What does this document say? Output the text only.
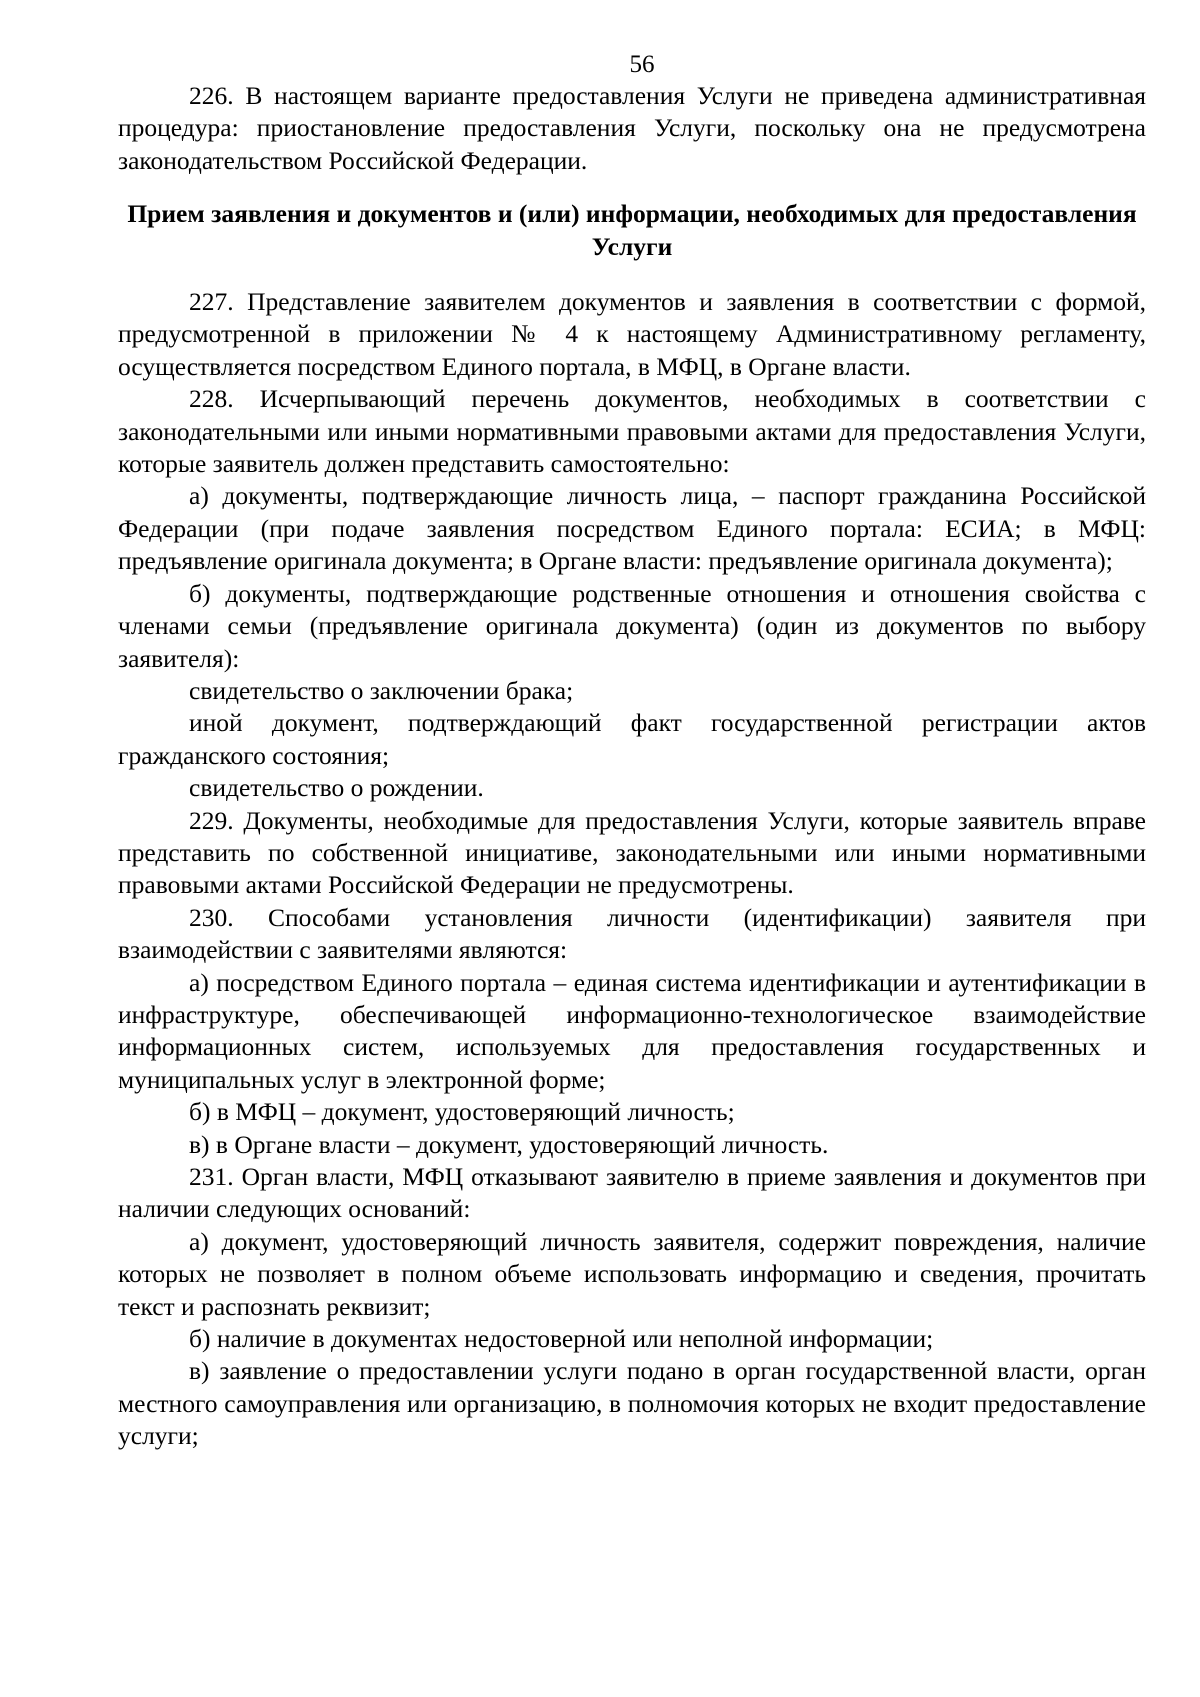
56

226. В настоящем варианте предоставления Услуги не приведена административная процедура: приостановление предоставления Услуги, поскольку она не предусмотрена законодательством Российской Федерации.

Прием заявления и документов и (или) информации, необходимых для предоставления Услуги

227. Представление заявителем документов и заявления в соответствии с формой, предусмотренной в приложении № 4 к настоящему Административному регламенту, осуществляется посредством Единого портала, в МФЦ, в Органе власти.

228. Исчерпывающий перечень документов, необходимых в соответствии с законодательными или иными нормативными правовыми актами для предоставления Услуги, которые заявитель должен представить самостоятельно:

а) документы, подтверждающие личность лица, – паспорт гражданина Российской Федерации (при подаче заявления посредством Единого портала: ЕСИА; в МФЦ: предъявление оригинала документа; в Органе власти: предъявление оригинала документа);

б) документы, подтверждающие родственные отношения и отношения свойства с членами семьи (предъявление оригинала документа) (один из документов по выбору заявителя):

свидетельство о заключении брака;

иной документ, подтверждающий факт государственной регистрации актов гражданского состояния;

свидетельство о рождении.

229. Документы, необходимые для предоставления Услуги, которые заявитель вправе представить по собственной инициативе, законодательными или иными нормативными правовыми актами Российской Федерации не предусмотрены.

230. Способами установления личности (идентификации) заявителя при взаимодействии с заявителями являются:

а) посредством Единого портала – единая система идентификации и аутентификации в инфраструктуре, обеспечивающей информационно-технологическое взаимодействие информационных систем, используемых для предоставления государственных и муниципальных услуг в электронной форме;

б) в МФЦ – документ, удостоверяющий личность;

в) в Органе власти – документ, удостоверяющий личность.

231. Орган власти, МФЦ отказывают заявителю в приеме заявления и документов при наличии следующих оснований:

а) документ, удостоверяющий личность заявителя, содержит повреждения, наличие которых не позволяет в полном объеме использовать информацию и сведения, прочитать текст и распознать реквизит;

б) наличие в документах недостоверной или неполной информации;

в) заявление о предоставлении услуги подано в орган государственной власти, орган местного самоуправления или организацию, в полномочия которых не входит предоставление услуги;
